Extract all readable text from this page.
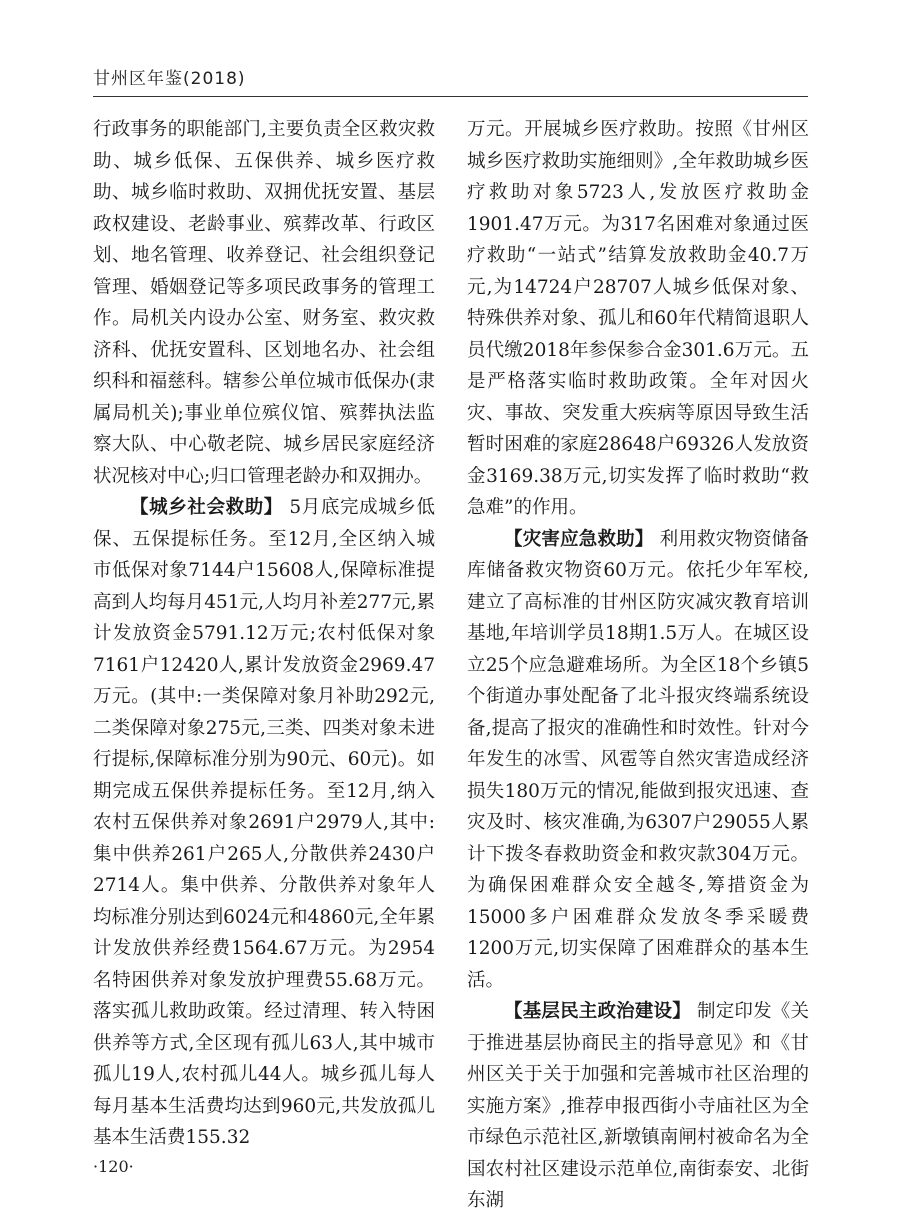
甘州区年鉴(2018)

行政事务的职能部门,主要负责全区救灾救助、城乡低保、五保供养、城乡医疗救助、城乡临时救助、双拥优抚安置、基层政权建设、老龄事业、殡葬改革、行政区划、地名管理、收养登记、社会组织登记管理、婚姻登记等多项民政事务的管理工作。局机关内设办公室、财务室、救灾救济科、优抚安置科、区划地名办、社会组织科和福慈科。辖参公单位城市低保办(隶属局机关);事业单位殡仪馆、殡葬执法监察大队、中心敬老院、城乡居民家庭经济状况核对中心;归口管理老龄办和双拥办。

【城乡社会救助】 5月底完成城乡低保、五保提标任务。至12月,全区纳入城市低保对象7144户15608人,保障标准提高到人均每月451元,人均月补差277元,累计发放资金5791.12万元;农村低保对象7161户12420人,累计发放资金2969.47万元。(其中:一类保障对象月补助292元,二类保障对象275元,三类、四类对象未进行提标,保障标准分别为90元、60元)。如期完成五保供养提标任务。至12月,纳入农村五保供养对象2691户2979人,其中:集中供养261户265人,分散供养2430户2714人。集中供养、分散供养对象年人均标准分别达到6024元和4860元,全年累计发放供养经费1564.67万元。为2954名特困供养对象发放护理费55.68万元。落实孤儿救助政策。经过清理、转入特困供养等方式,全区现有孤儿63人,其中城市孤儿19人,农村孤儿44人。城乡孤儿每人每月基本生活费均达到960元,共发放孤儿基本生活费155.32

万元。开展城乡医疗救助。按照《甘州区城乡医疗救助实施细则》,全年救助城乡医疗救助对象5723人,发放医疗救助金1901.47万元。为317名困难对象通过医疗救助“一站式”结算发放救助金40.7万元,为14724户28707人城乡低保对象、特殊供养对象、孤儿和60年代精简退职人员代缴2018年参保参合金301.6万元。五是严格落实临时救助政策。全年对因火灾、事故、突发重大疾病等原因导致生活暂时困难的家庭28648户69326人发放资金3169.38万元,切实发挥了临时救助“救急难”的作用。

【灾害应急救助】 利用救灾物资储备库储备救灾物资60万元。依托少年军校,建立了高标准的甘州区防灾减灾教育培训基地,年培训学员18期1.5万人。在城区设立25个应急避难场所。为全区18个乡镇5个街道办事处配备了北斗报灾终端系统设备,提高了报灾的准确性和时效性。针对今年发生的冰雪、风雹等自然灾害造成经济损失180万元的情况,能做到报灾迅速、查灾及时、核灾准确,为6307户29055人累计下拨冬春救助资金和救灾款304万元。为确保困难群众安全越冬,筹措资金为15000多户困难群众发放冬季采暖费1200万元,切实保障了困难群众的基本生活。

【基层民主政治建设】 制定印发《关于推进基层协商民主的指导意见》和《甘州区关于关于加强和完善城市社区治理的实施方案》,推荐申报西街小寺庙社区为全市绿色示范社区,新墩镇南闸村被命名为全国农村社区建设示范单位,南街泰安、北街东湖

·120·
